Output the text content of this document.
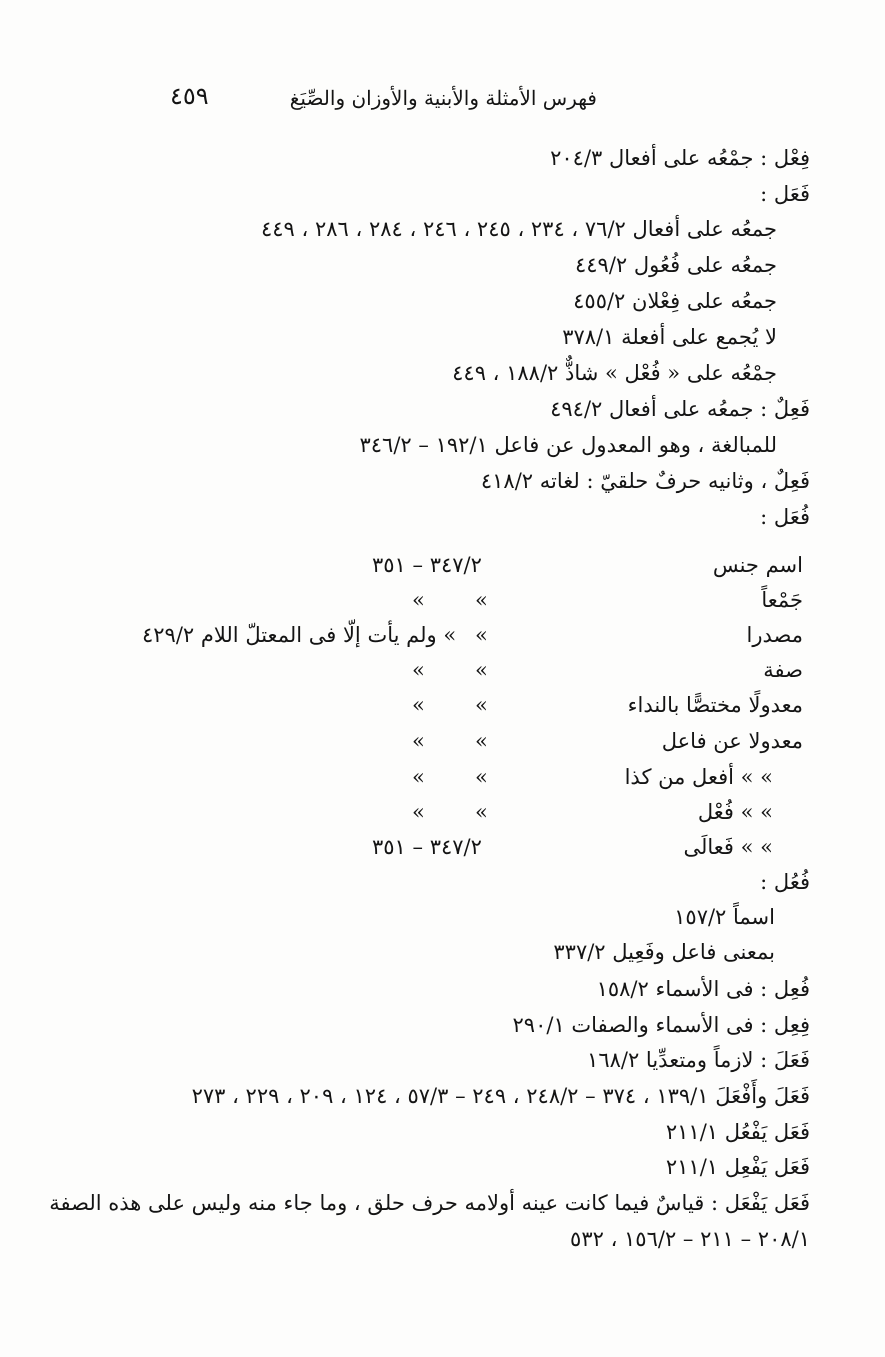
٤٥٩	فهرس الأمثلة والأبنية والأوزان والصِّيَغ
فِعْل : جمْعُه على أفعال ٢٠٤/٣
فَعَل :
جمعُه على أفعال ٧٦/٢ ، ٢٣٤ ، ٢٤٥ ، ٢٤٦ ، ٢٨٤ ، ٢٨٦ ، ٤٤٩
جمعُه على فُعُول ٤٤٩/٢
جمعُه على فِعْلان ٤٥٥/٢
لا يُجمع على أفعلة ٣٧٨/١
جمْعُه على « فُعْل » شاذٌّ ١٨٨/٢ ، ٤٤٩
فَعِلٌ : جمعُه على أفعال ٤٩٤/٢
للمبالغة ، وهو المعدول عن فاعل ١٩٢/١ – ٣٤٦/٢
فَعِلٌ ، وثانيه حرفٌ حلقيّ : لغاته ٤١٨/٢
فُعَل :
اسم جنس
٣٤٧/٢ – ٣٥١
جَمْعاً
»
»
مصدرا
»
» ولم يأت إلّا فى المعتلّ اللام ٤٢٩/٢
صفة
»
»
معدولًا مختصًّا بالنداء
»
»
معدولا عن فاعل
»
»
» » أفعل من كذا
»
»
» » فُعْل
»
»
» » فَعالَى
٣٤٧/٢ – ٣٥١
فُعُل :
اسماً ١٥٧/٢
بمعنى فاعل وفَعِيل ٣٣٧/٢
فُعِل : فى الأسماء ١٥٨/٢
فِعِل : فى الأسماء والصفات ٢٩٠/١
فَعَلَ : لازماً ومتعدِّيا ١٦٨/٢
فَعَلَ وأَفْعَلَ ١٣٩/١ ، ٣٧٤ – ٢٤٨/٢ ، ٢٤٩ – ٥٧/٣ ، ١٢٤ ، ٢٠٩ ، ٢٢٩ ، ٢٧٣
فَعَل يَفْعُل ٢١١/١
فَعَل يَفْعِل ٢١١/١
فَعَل يَفْعَل : قياسٌ فيما كانت عينه أولامه حرف حلق ، وما جاء منه وليس على هذه الصفة
٢٠٨/١ – ٢١١ – ١٥٦/٢ ، ٥٣٢
